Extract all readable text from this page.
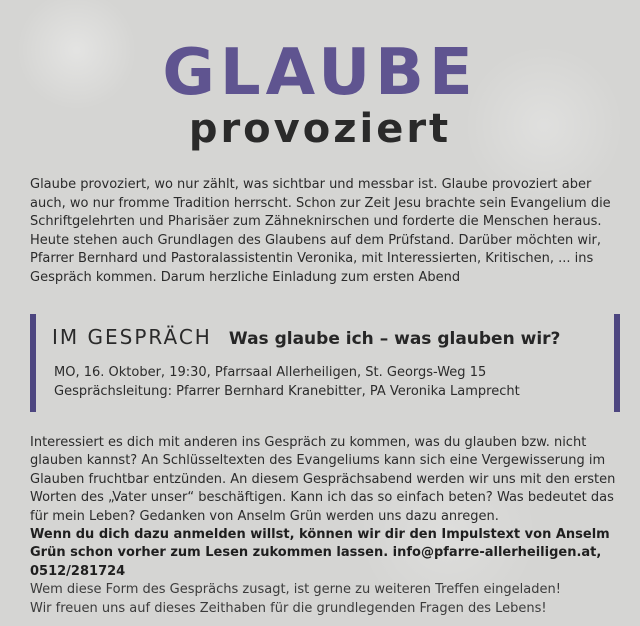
GLAUBE
provoziert

Glaube provoziert, wo nur zählt, was sichtbar und messbar ist. Glaube provoziert aber auch, wo nur fromme Tradition herrscht. Schon zur Zeit Jesu brachte sein Evangelium die Schriftgelehrten und Pharisäer zum Zähneknirschen und forderte die Menschen heraus. Heute stehen auch Grundlagen des Glaubens auf dem Prüfstand. Darüber möchten wir, Pfarrer Bernhard und Pastoralassistentin Veronika, mit Interessierten, Kritischen, ... ins Gespräch kommen. Darum herzliche Einladung zum ersten Abend

IM GESPRÄCH Was glaube ich – was glauben wir?
MO, 16. Oktober, 19:30, Pfarrsaal Allerheiligen, St. Georgs-Weg 15
Gesprächsleitung: Pfarrer Bernhard Kranebitter, PA Veronika Lamprecht
Interessiert es dich mit anderen ins Gespräch zu kommen, was du glauben bzw. nicht glauben kannst? An Schlüsseltexten des Evangeliums kann sich eine Vergewisserung im Glauben fruchtbar entzünden. An diesem Gesprächsabend werden wir uns mit den ersten Worten des „Vater unser“ beschäftigen. Kann ich das so einfach beten? Was bedeutet das für mein Leben? Gedanken von Anselm Grün werden uns dazu anregen.
Wenn du dich dazu anmelden willst, können wir dir den Impulstext von Anselm Grün schon vorher zum Lesen zukommen lassen. info@pfarre-allerheiligen.at, 0512/281724
Wem diese Form des Gesprächs zusagt, ist gerne zu weiteren Treffen eingeladen!
Wir freuen uns auf dieses Zeithaben für die grundlegenden Fragen des Lebens!
